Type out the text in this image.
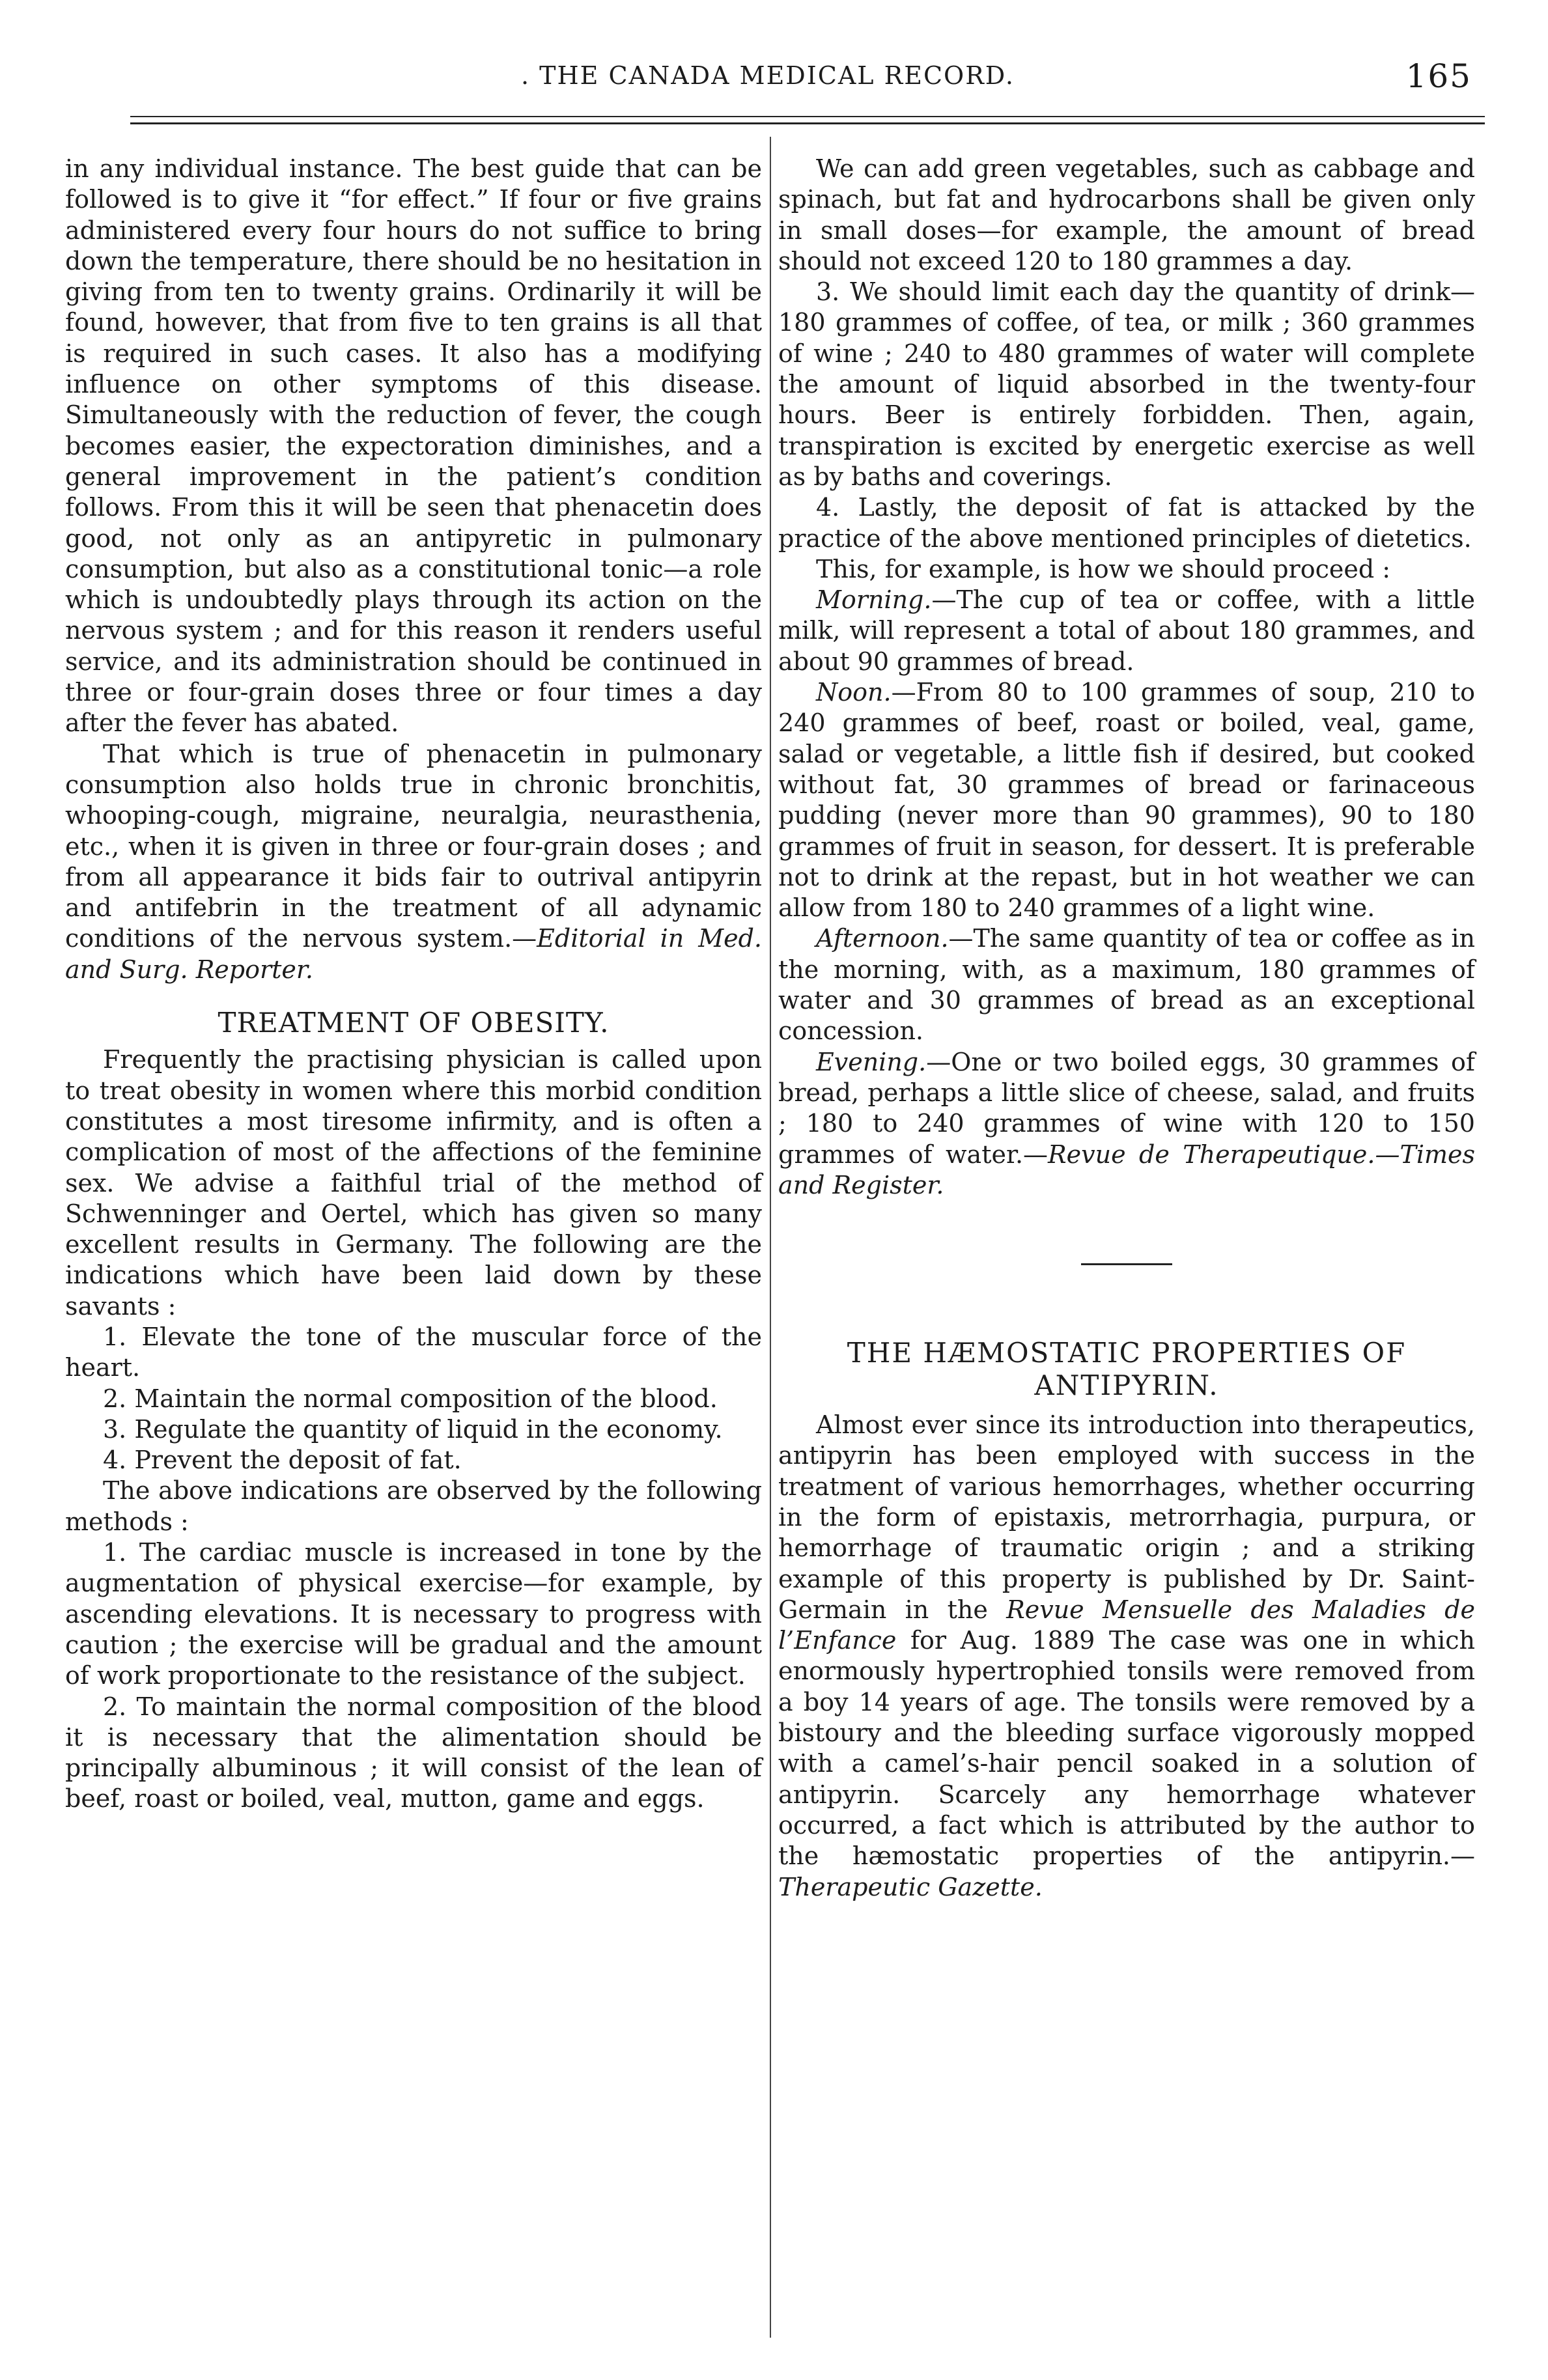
. THE CANADA MEDICAL RECORD.	165

in any individual instance. The best guide that can be followed is to give it “for effect.” If four or five grains administered every four hours do not suffice to bring down the temperature, there should be no hesitation in giving from ten to twenty grains. Ordinarily it will be found, however, that from five to ten grains is all that is required in such cases. It also has a modifying influence on other symptoms of this disease. Simultaneously with the reduction of fever, the cough becomes easier, the expectoration diminishes, and a general improvement in the patient’s condition follows. From this it will be seen that phenacetin does good, not only as an antipyretic in pulmonary consumption, but also as a constitutional tonic—a role which is undoubtedly plays through its action on the nervous system ; and for this reason it renders useful service, and its administration should be continued in three or four-grain doses three or four times a day after the fever has abated.

That which is true of phenacetin in pulmonary consumption also holds true in chronic bronchitis, whooping-cough, migraine, neuralgia, neurasthenia, etc., when it is given in three or four-grain doses ; and from all appearance it bids fair to outrival antipyrin and antifebrin in the treatment of all adynamic conditions of the nervous system.—Editorial in Med. and Surg. Reporter.

TREATMENT OF OBESITY.

Frequently the practising physician is called upon to treat obesity in women where this morbid condition constitutes a most tiresome infirmity, and is often a complication of most of the affections of the feminine sex. We advise a faithful trial of the method of Schwenninger and Oertel, which has given so many excellent results in Germany. The following are the indications which have been laid down by these savants :

1. Elevate the tone of the muscular force of the heart.

2. Maintain the normal composition of the blood.

3. Regulate the quantity of liquid in the economy.

4. Prevent the deposit of fat.

The above indications are observed by the following methods :

1. The cardiac muscle is increased in tone by the augmentation of physical exercise—for example, by ascending elevations. It is necessary to progress with caution ; the exercise will be gradual and the amount of work proportionate to the resistance of the subject.

2. To maintain the normal composition of the blood it is necessary that the alimentation should be principally albuminous ; it will consist of the lean of beef, roast or boiled, veal, mutton, game and eggs.

We can add green vegetables, such as cabbage and spinach, but fat and hydrocarbons shall be given only in small doses—for example, the amount of bread should not exceed 120 to 180 grammes a day.

3. We should limit each day the quantity of drink—180 grammes of coffee, of tea, or milk ; 360 grammes of wine ; 240 to 480 grammes of water will complete the amount of liquid absorbed in the twenty-four hours. Beer is entirely forbidden. Then, again, transpiration is excited by energetic exercise as well as by baths and coverings.

4. Lastly, the deposit of fat is attacked by the practice of the above mentioned principles of dietetics.

This, for example, is how we should proceed :

Morning.—The cup of tea or coffee, with a little milk, will represent a total of about 180 grammes, and about 90 grammes of bread.

Noon.—From 80 to 100 grammes of soup, 210 to 240 grammes of beef, roast or boiled, veal, game, salad or vegetable, a little fish if desired, but cooked without fat, 30 grammes of bread or farinaceous pudding (never more than 90 grammes), 90 to 180 grammes of fruit in season, for dessert. It is preferable not to drink at the repast, but in hot weather we can allow from 180 to 240 grammes of a light wine.

Afternoon.—The same quantity of tea or coffee as in the morning, with, as a maximum, 180 grammes of water and 30 grammes of bread as an exceptional concession.

Evening.—One or two boiled eggs, 30 grammes of bread, perhaps a little slice of cheese, salad, and fruits ; 180 to 240 grammes of wine with 120 to 150 grammes of water.—Revue de Therapeutique.—Times and Register.

THE HÆMOSTATIC PROPERTIES OF ANTIPYRIN.

Almost ever since its introduction into therapeutics, antipyrin has been employed with success in the treatment of various hemorrhages, whether occurring in the form of epistaxis, metrorrhagia, purpura, or hemorrhage of traumatic origin ; and a striking example of this property is published by Dr. Saint-Germain in the Revue Mensuelle des Maladies de l’Enfance for Aug. 1889 The case was one in which enormously hypertrophied tonsils were removed from a boy 14 years of age. The tonsils were removed by a bistoury and the bleeding surface vigorously mopped with a camel’s-hair pencil soaked in a solution of antipyrin. Scarcely any hemorrhage whatever occurred, a fact which is attributed by the author to the hæmostatic properties of the antipyrin.—Therapeutic Gazette.
